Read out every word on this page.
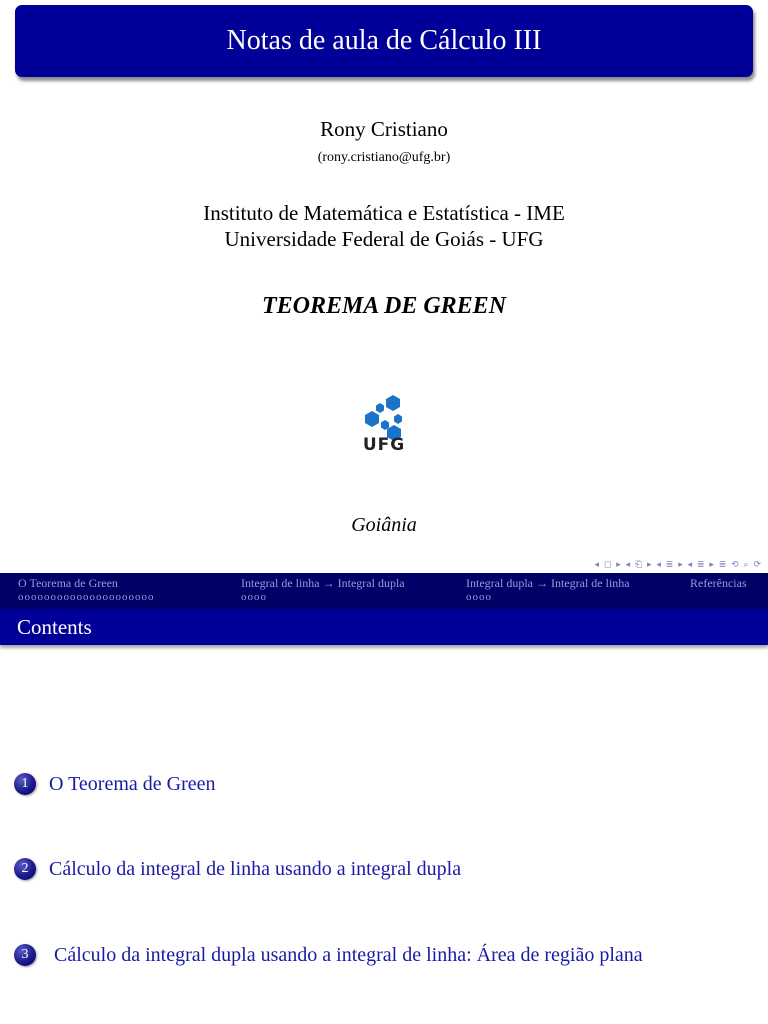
Notas de aula de Cálculo III
Rony Cristiano
(rony.cristiano@ufg.br)
Instituto de Matemática e Estatística - IME
Universidade Federal de Goiás - UFG
TEOREMA DE GREEN
UFG
Goiânia
◂ ◻ ▸ ◂ ⎗ ▸ ◂ ≣ ▸ ◂ ≣ ▸ ≣ ⟲ ⌕ ⟳
O Teorema de Green
ooooooooooooooooooooo
Integral de linha → Integral dupla
oooo
Integral dupla → Integral de linha
oooo
Referências
Contents
1	O Teorema de Green
2	Cálculo da integral de linha usando a integral dupla
3	Cálculo da integral dupla usando a integral de linha: Área de região plana
